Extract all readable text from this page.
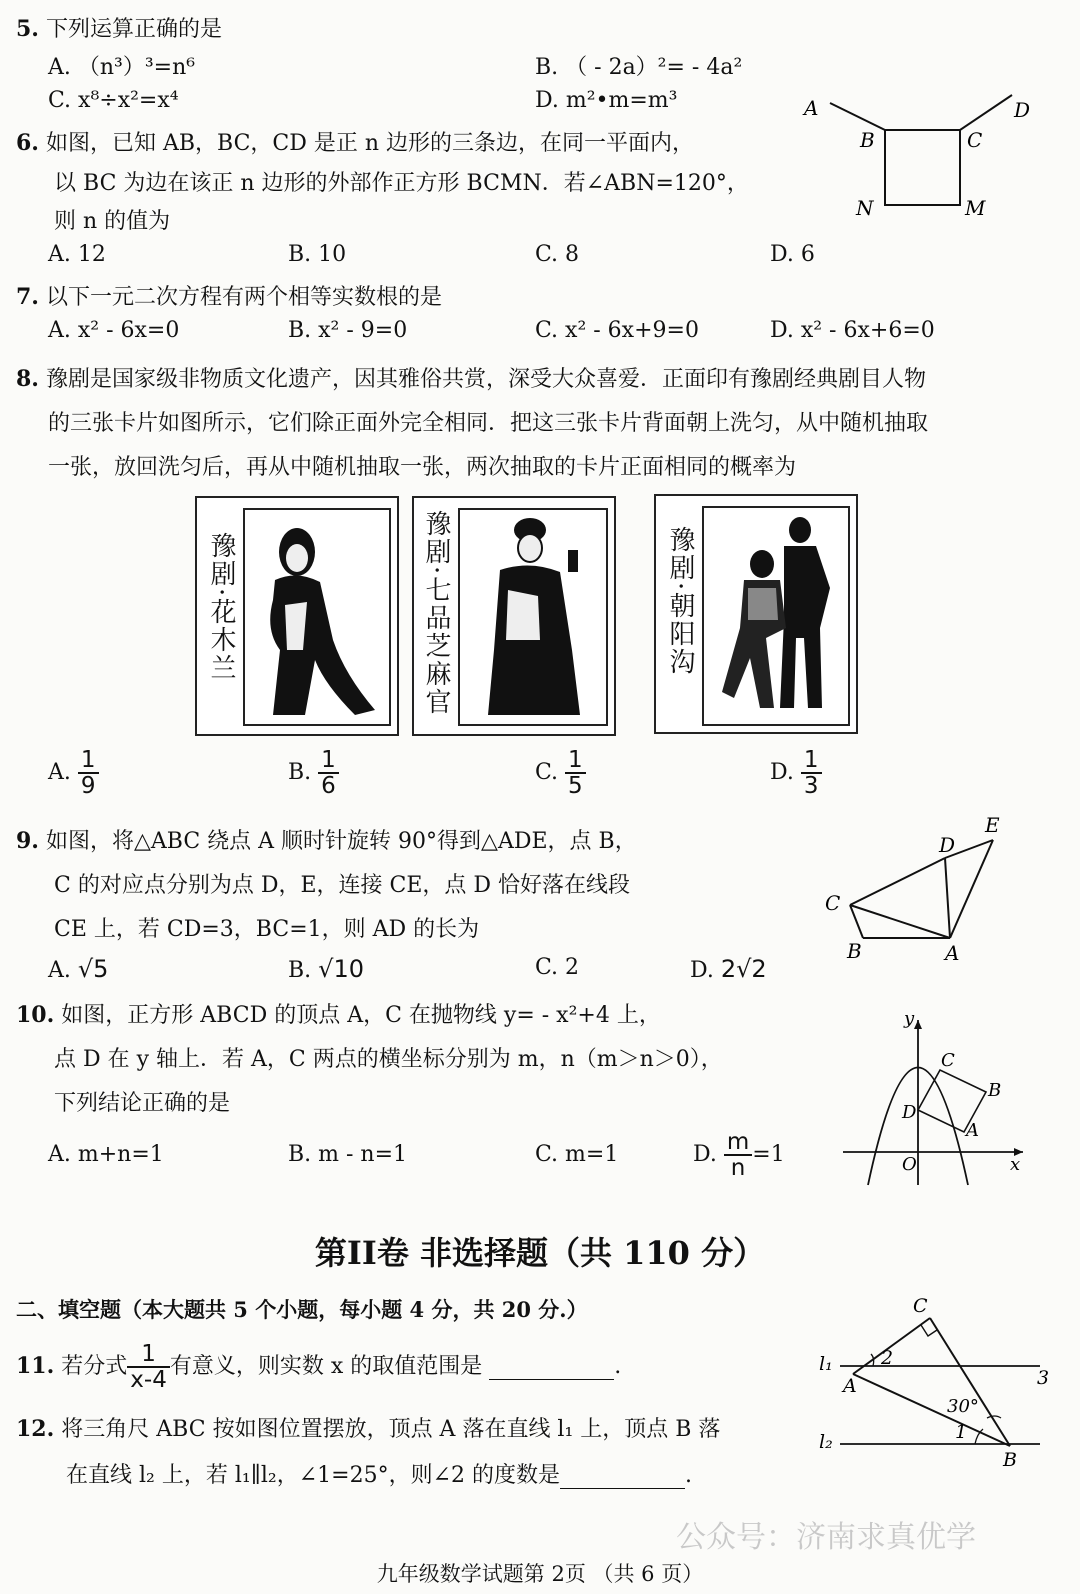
5. 下列运算正确的是
A. （n³）³=n⁶	B. （ - 2a）²= - 4a²
C. x⁸÷x²=x⁴	D. m²•m=m³
6. 如图，已知 AB，BC，CD 是正 n 边形的三条边，在同一平面内，
以 BC 为边在该正 n 边形的外部作正方形 BCMN．若∠ABN=120°，
则 n 的值为
A. 12	B. 10	C. 8	D. 6
A
B	C
D
N	M
7. 以下一元二次方程有两个相等实数根的是
A. x² - 6x=0	B. x² - 9=0	C. x² - 6x+9=0	D. x² - 6x+6=0
8. 豫剧是国家级非物质文化遗产，因其雅俗共赏，深受大众喜爱．正面印有豫剧经典剧目人物
的三张卡片如图所示，它们除正面外完全相同．把这三张卡片背面朝上洗匀，从中随机抽取
一张，放回洗匀后，再从中随机抽取一张，两次抽取的卡片正面相同的概率为
豫剧·花木兰	豫剧·七品芝麻官	豫剧·朝阳沟
A. $\frac{1}{9}$	B. $\frac{1}{6}$	C. $\frac{1}{5}$	D. $\frac{1}{3}$
9. 如图，将△ABC 绕点 A 顺时针旋转 90°得到△ADE，点 B，
C 的对应点分别为点 D，E，连接 CE，点 D 恰好落在线段
CE 上，若 CD=3，BC=1，则 AD 的长为
A. √5	B. √10	C. 2	D. 2√2
A
B
C
D
E
10. 如图，正方形 ABCD 的顶点 A，C 在抛物线 y= - x²+4 上，
点 D 在 y 轴上．若 A，C 两点的横坐标分别为 m，n（m＞n＞0），
下列结论正确的是
A. m+n=1	B. m - n=1	C. m=1	D. $\frac{m}{n} =1$
y
x
O
A
B
C
D
第II卷 非选择题（共 110 分）
二、填空题（本大题共 5 个小题，每小题 4 分，共 20 分.）
11. 若分式 $\frac{1}{x-4}$ 有意义，则实数 x 的取值范围是	.
12. 将三角尺 ABC 按如图位置摆放，顶点 A 落在直线 l₁ 上，顶点 B 落
在直线 l₂ 上，若 l₁∥l₂，∠1=25°，则∠2 的度数是	.
C
l₁
A
2
3
30°
1
l₂
B
公众号：济南求真优学
九年级数学试题第 2页 （共 6 页）
